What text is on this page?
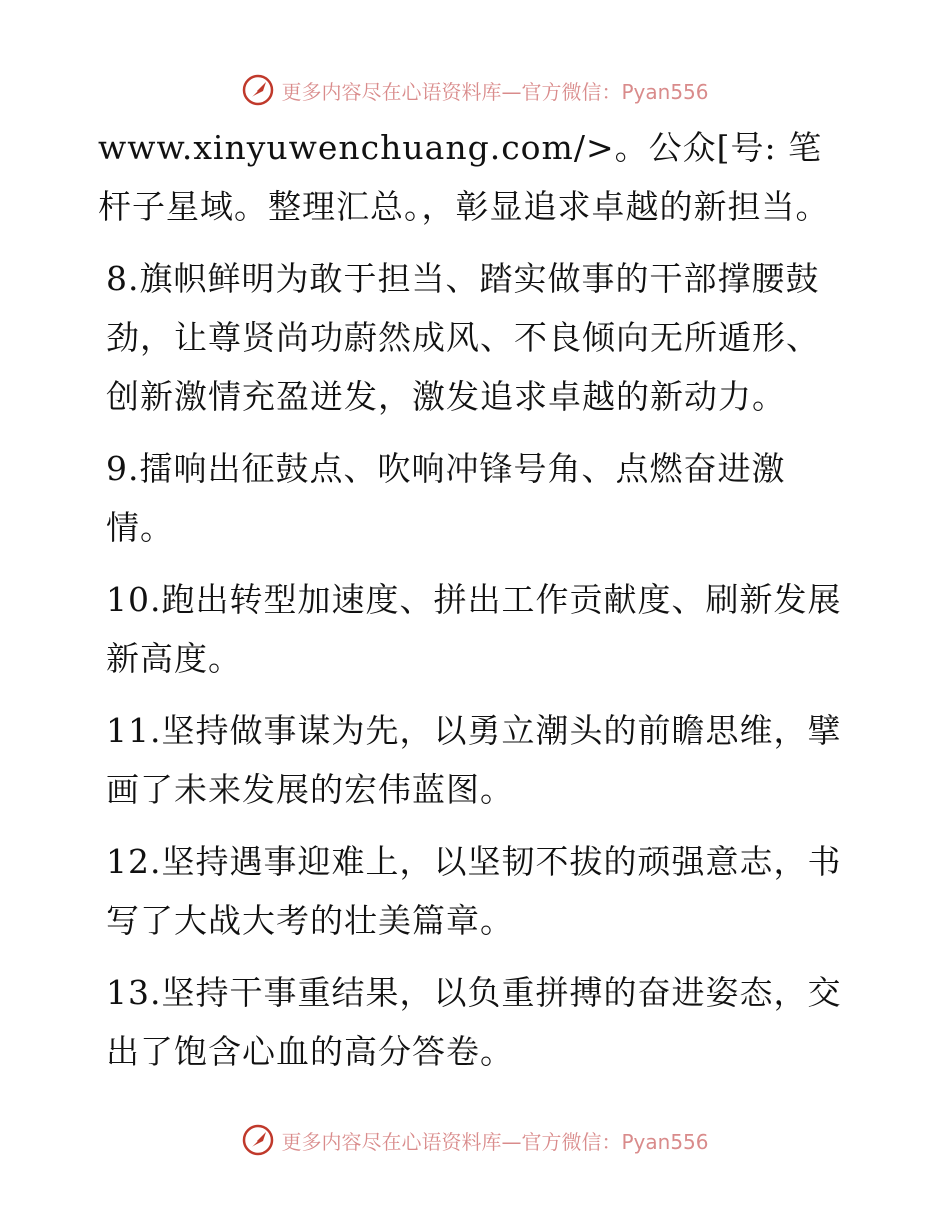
更多内容尽在心语资料库—官方微信：Pyan556

www.xinyuwenchuang.com/>。公众[号: 笔杆子星域。整理汇总。，彰显追求卓越的新担当。

8.旗帜鲜明为敢于担当、踏实做事的干部撑腰鼓劲，让尊贤尚功蔚然成风、不良倾向无所遁形、创新激情充盈迸发，激发追求卓越的新动力。

9.擂响出征鼓点、吹响冲锋号角、点燃奋进激情。

10.跑出转型加速度、拼出工作贡献度、刷新发展新高度。

11.坚持做事谋为先，以勇立潮头的前瞻思维，擘画了未来发展的宏伟蓝图。

12.坚持遇事迎难上，以坚韧不拔的顽强意志，书写了大战大考的壮美篇章。

13.坚持干事重结果，以负重拼搏的奋进姿态，交出了饱含心血的高分答卷。

更多内容尽在心语资料库—官方微信：Pyan556
